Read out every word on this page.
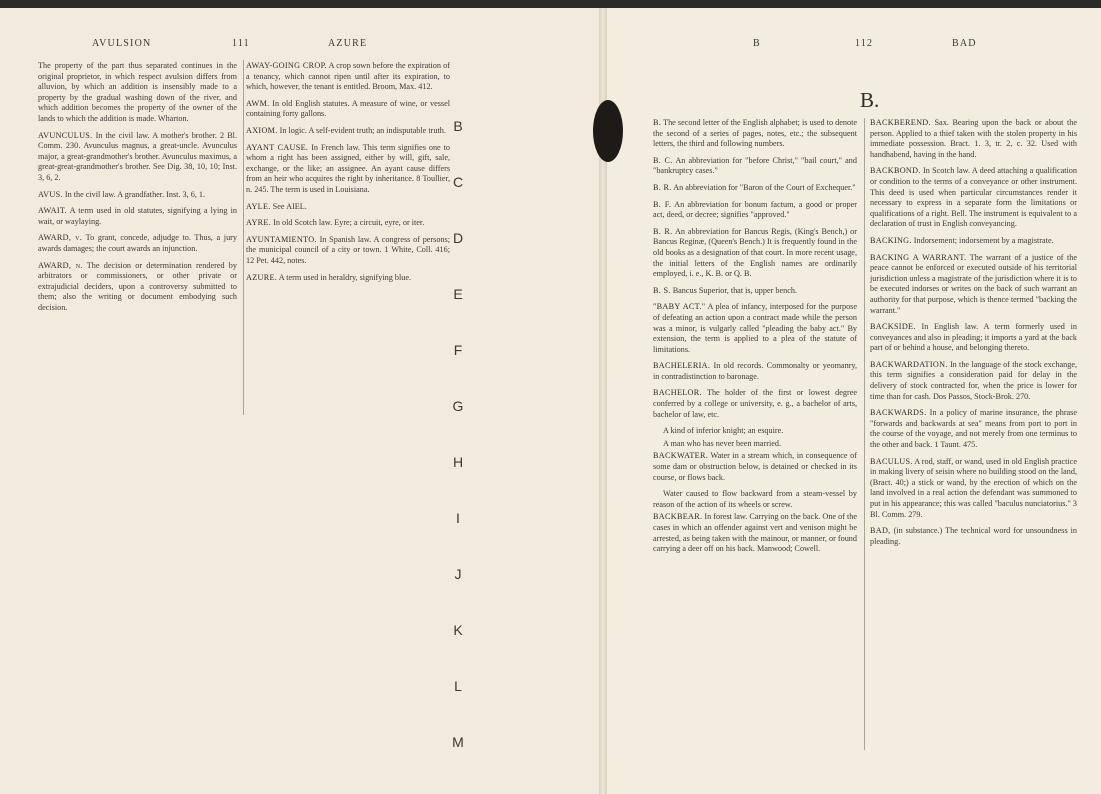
AVULSION	111	AZURE

The property of the part thus separated continues in the original proprietor, in which respect avulsion differs from alluvion, by which an addition is insensibly made to a property by the gradual washing down of the river, and which addition becomes the property of the owner of the lands to which the addition is made. Wharton.

AVUNCULUS. In the civil law. A mother's brother. 2 Bl. Comm. 230. Avunculus magnus, a great-uncle. Avunculus major, a great-grandmother's brother. Avunculus maximus, a great-great-grandmother's brother. See Dig. 38, 10, 10; Inst. 3, 6, 2.

AVUS. In the civil law. A grandfather. Inst. 3, 6, 1.

AWAIT. A term used in old statutes, signifying a lying in wait, or waylaying.

AWARD, v. To grant, concede, adjudge to. Thus, a jury awards damages; the court awards an injunction.

AWARD, n. The decision or determination rendered by arbitrators or commissioners, or other private or extrajudicial deciders, upon a controversy submitted to them; also the writing or document embodying such decision.

AWAY-GOING CROP. A crop sown before the expiration of a tenancy, which cannot ripen until after its expiration, to which, however, the tenant is entitled. Broom, Max. 412.

AWM. In old English statutes. A measure of wine, or vessel containing forty gallons.

AXIOM. In logic. A self-evident truth; an indisputable truth.

AYANT CAUSE. In French law. This term signifies one to whom a right has been assigned, either by will, gift, sale, exchange, or the like; an assignee. An ayant cause differs from an heir who acquires the right by inheritance. 8 Toullier, n. 245. The term is used in Louisiana.

AYLE. See AIEL.

AYRE. In old Scotch law. Eyre; a circuit, eyre, or iter.

AYUNTAMIENTO. In Spanish law. A congress of persons; the municipal council of a city or town. 1 White, Coll. 416; 12 Pet. 442, notes.

AZURE. A term used in heraldry, signifying blue.

B
C
D
E
F
G
H
I
J
K
L
M
B	112	BAD
B.

B. The second letter of the English alphabet; is used to denote the second of a series of pages, notes, etc.; the subsequent letters, the third and following numbers.

B. C. An abbreviation for "before Christ," "bail court," and "bankruptcy cases."

B. R. An abbreviation for "Baron of the Court of Exchequer."

B. F. An abbreviation for bonum factum, a good or proper act, deed, or decree; signifies "approved."

B. R. An abbreviation for Bancus Regis, (King's Bench,) or Bancus Reginæ, (Queen's Bench.) It is frequently found in the old books as a designation of that court. In more recent usage, the initial letters of the English names are ordinarily employed, i. e., K. B. or Q. B.

B. S. Bancus Superior, that is, upper bench.

"BABY ACT." A plea of infancy, interposed for the purpose of defeating an action upon a contract made while the person was a minor, is vulgarly called "pleading the baby act." By extension, the term is applied to a plea of the statute of limitations.

BACHELERIA. In old records. Commonalty or yeomanry, in contradistinction to baronage.

BACHELOR. The holder of the first or lowest degree conferred by a college or university, e. g., a bachelor of arts, bachelor of law, etc.

A kind of inferior knight; an esquire.

A man who has never been married.

BACKWATER. Water in a stream which, in consequence of some dam or obstruction below, is detained or checked in its course, or flows back.

Water caused to flow backward from a steam-vessel by reason of the action of its wheels or screw.

BACKBEAR. In forest law. Carrying on the back. One of the cases in which an offender against vert and venison might be arrested, as being taken with the mainour, or manner, or found carrying a deer off on his back. Manwood; Cowell.

BACKBEREND. Sax. Bearing upon the back or about the person. Applied to a thief taken with the stolen property in his immediate possession. Bract. 1. 3, tr. 2, c. 32. Used with handhabend, having in the hand.

BACKBOND. In Scotch law. A deed attaching a qualification or condition to the terms of a conveyance or other instrument. This deed is used when particular circumstances render it necessary to express in a separate form the limitations or qualifications of a right. Bell. The instrument is equivalent to a declaration of trust in English conveyancing.

BACKING. Indorsement; indorsement by a magistrate.

BACKING A WARRANT. The warrant of a justice of the peace cannot be enforced or executed outside of his territorial jurisdiction unless a magistrate of the jurisdiction where it is to be executed indorses or writes on the back of such warrant an authority for that purpose, which is thence termed "backing the warrant."

BACKSIDE. In English law. A term formerly used in conveyances and also in pleading; it imports a yard at the back part of or behind a house, and belonging thereto.

BACKWARDATION. In the language of the stock exchange, this term signifies a consideration paid for delay in the delivery of stock contracted for, when the price is lower for time than for cash. Dos Passos, Stock-Brok. 270.

BACKWARDS. In a policy of marine insurance, the phrase "forwards and backwards at sea" means from port to port in the course of the voyage, and not merely from one terminus to the other and back. 1 Taunt. 475.

BACULUS. A rod, staff, or wand, used in old English practice in making livery of seisin where no building stood on the land, (Bract. 40;) a stick or wand, by the erection of which on the land involved in a real action the defendant was summoned to put in his appearance; this was called "baculus nunciatorius." 3 Bl. Comm. 279.

BAD, (in substance.) The technical word for unsoundness in pleading.
